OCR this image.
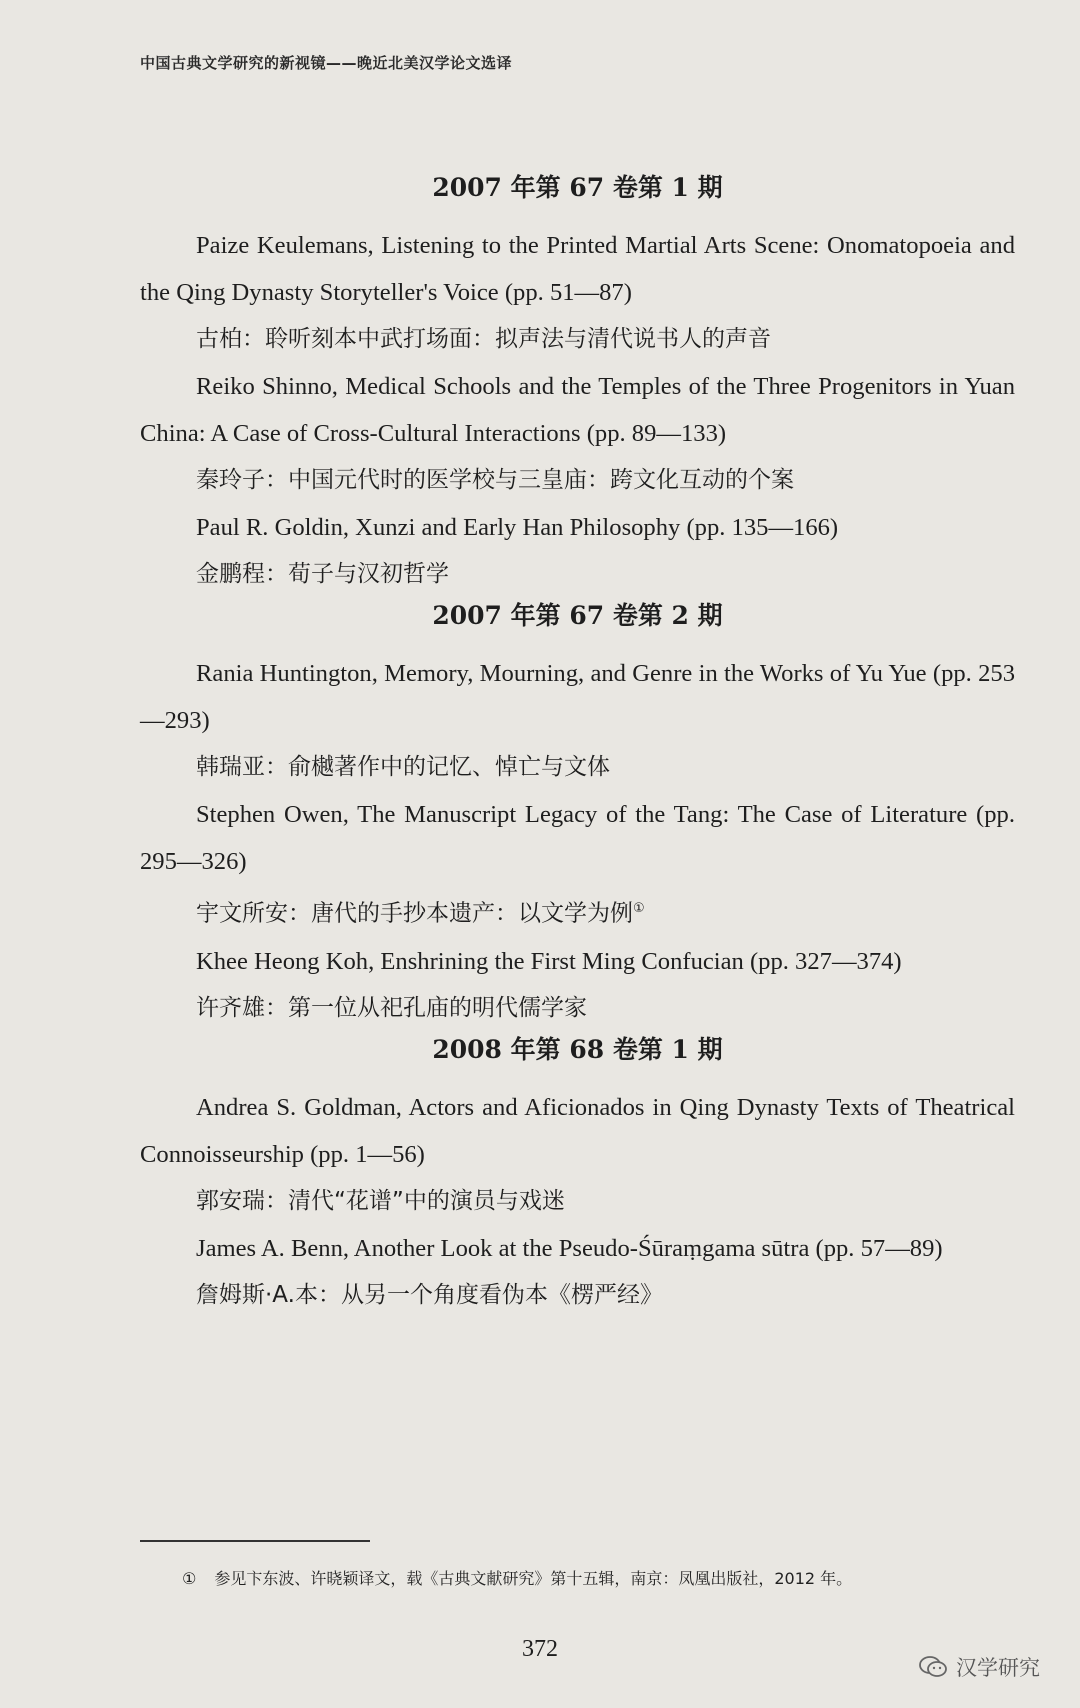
中国古典文学研究的新视镜——晚近北美汉学论文选译
2007 年第 67 卷第 1 期

Paize Keulemans, Listening to the Printed Martial Arts Scene: Onomatopoeia and the Qing Dynasty Storyteller's Voice (pp. 51—87)

古柏：聆听刻本中武打场面：拟声法与清代说书人的声音

Reiko Shinno, Medical Schools and the Temples of the Three Progenitors in Yuan China: A Case of Cross-Cultural Interactions (pp. 89—133)

秦玲子：中国元代时的医学校与三皇庙：跨文化互动的个案

Paul R. Goldin, Xunzi and Early Han Philosophy (pp. 135—166)

金鹏程：荀子与汉初哲学

2007 年第 67 卷第 2 期

Rania Huntington, Memory, Mourning, and Genre in the Works of Yu Yue (pp. 253—293)

韩瑞亚：俞樾著作中的记忆、悼亡与文体

Stephen Owen, The Manuscript Legacy of the Tang: The Case of Literature (pp. 295—326)

宇文所安：唐代的手抄本遗产：以文学为例①

Khee Heong Koh, Enshrining the First Ming Confucian (pp. 327—374)

许齐雄：第一位从祀孔庙的明代儒学家

2008 年第 68 卷第 1 期

Andrea S. Goldman, Actors and Aficionados in Qing Dynasty Texts of Theatrical Connoisseurship (pp. 1—56)

郭安瑞：清代“花谱”中的演员与戏迷

James A. Benn, Another Look at the Pseudo-Śūraṃgama sūtra (pp. 57—89)

詹姆斯·A.本：从另一个角度看伪本《楞严经》

① 参见卞东波、许晓颖译文，载《古典文献研究》第十五辑，南京：凤凰出版社，2012 年。
372
汉学研究
